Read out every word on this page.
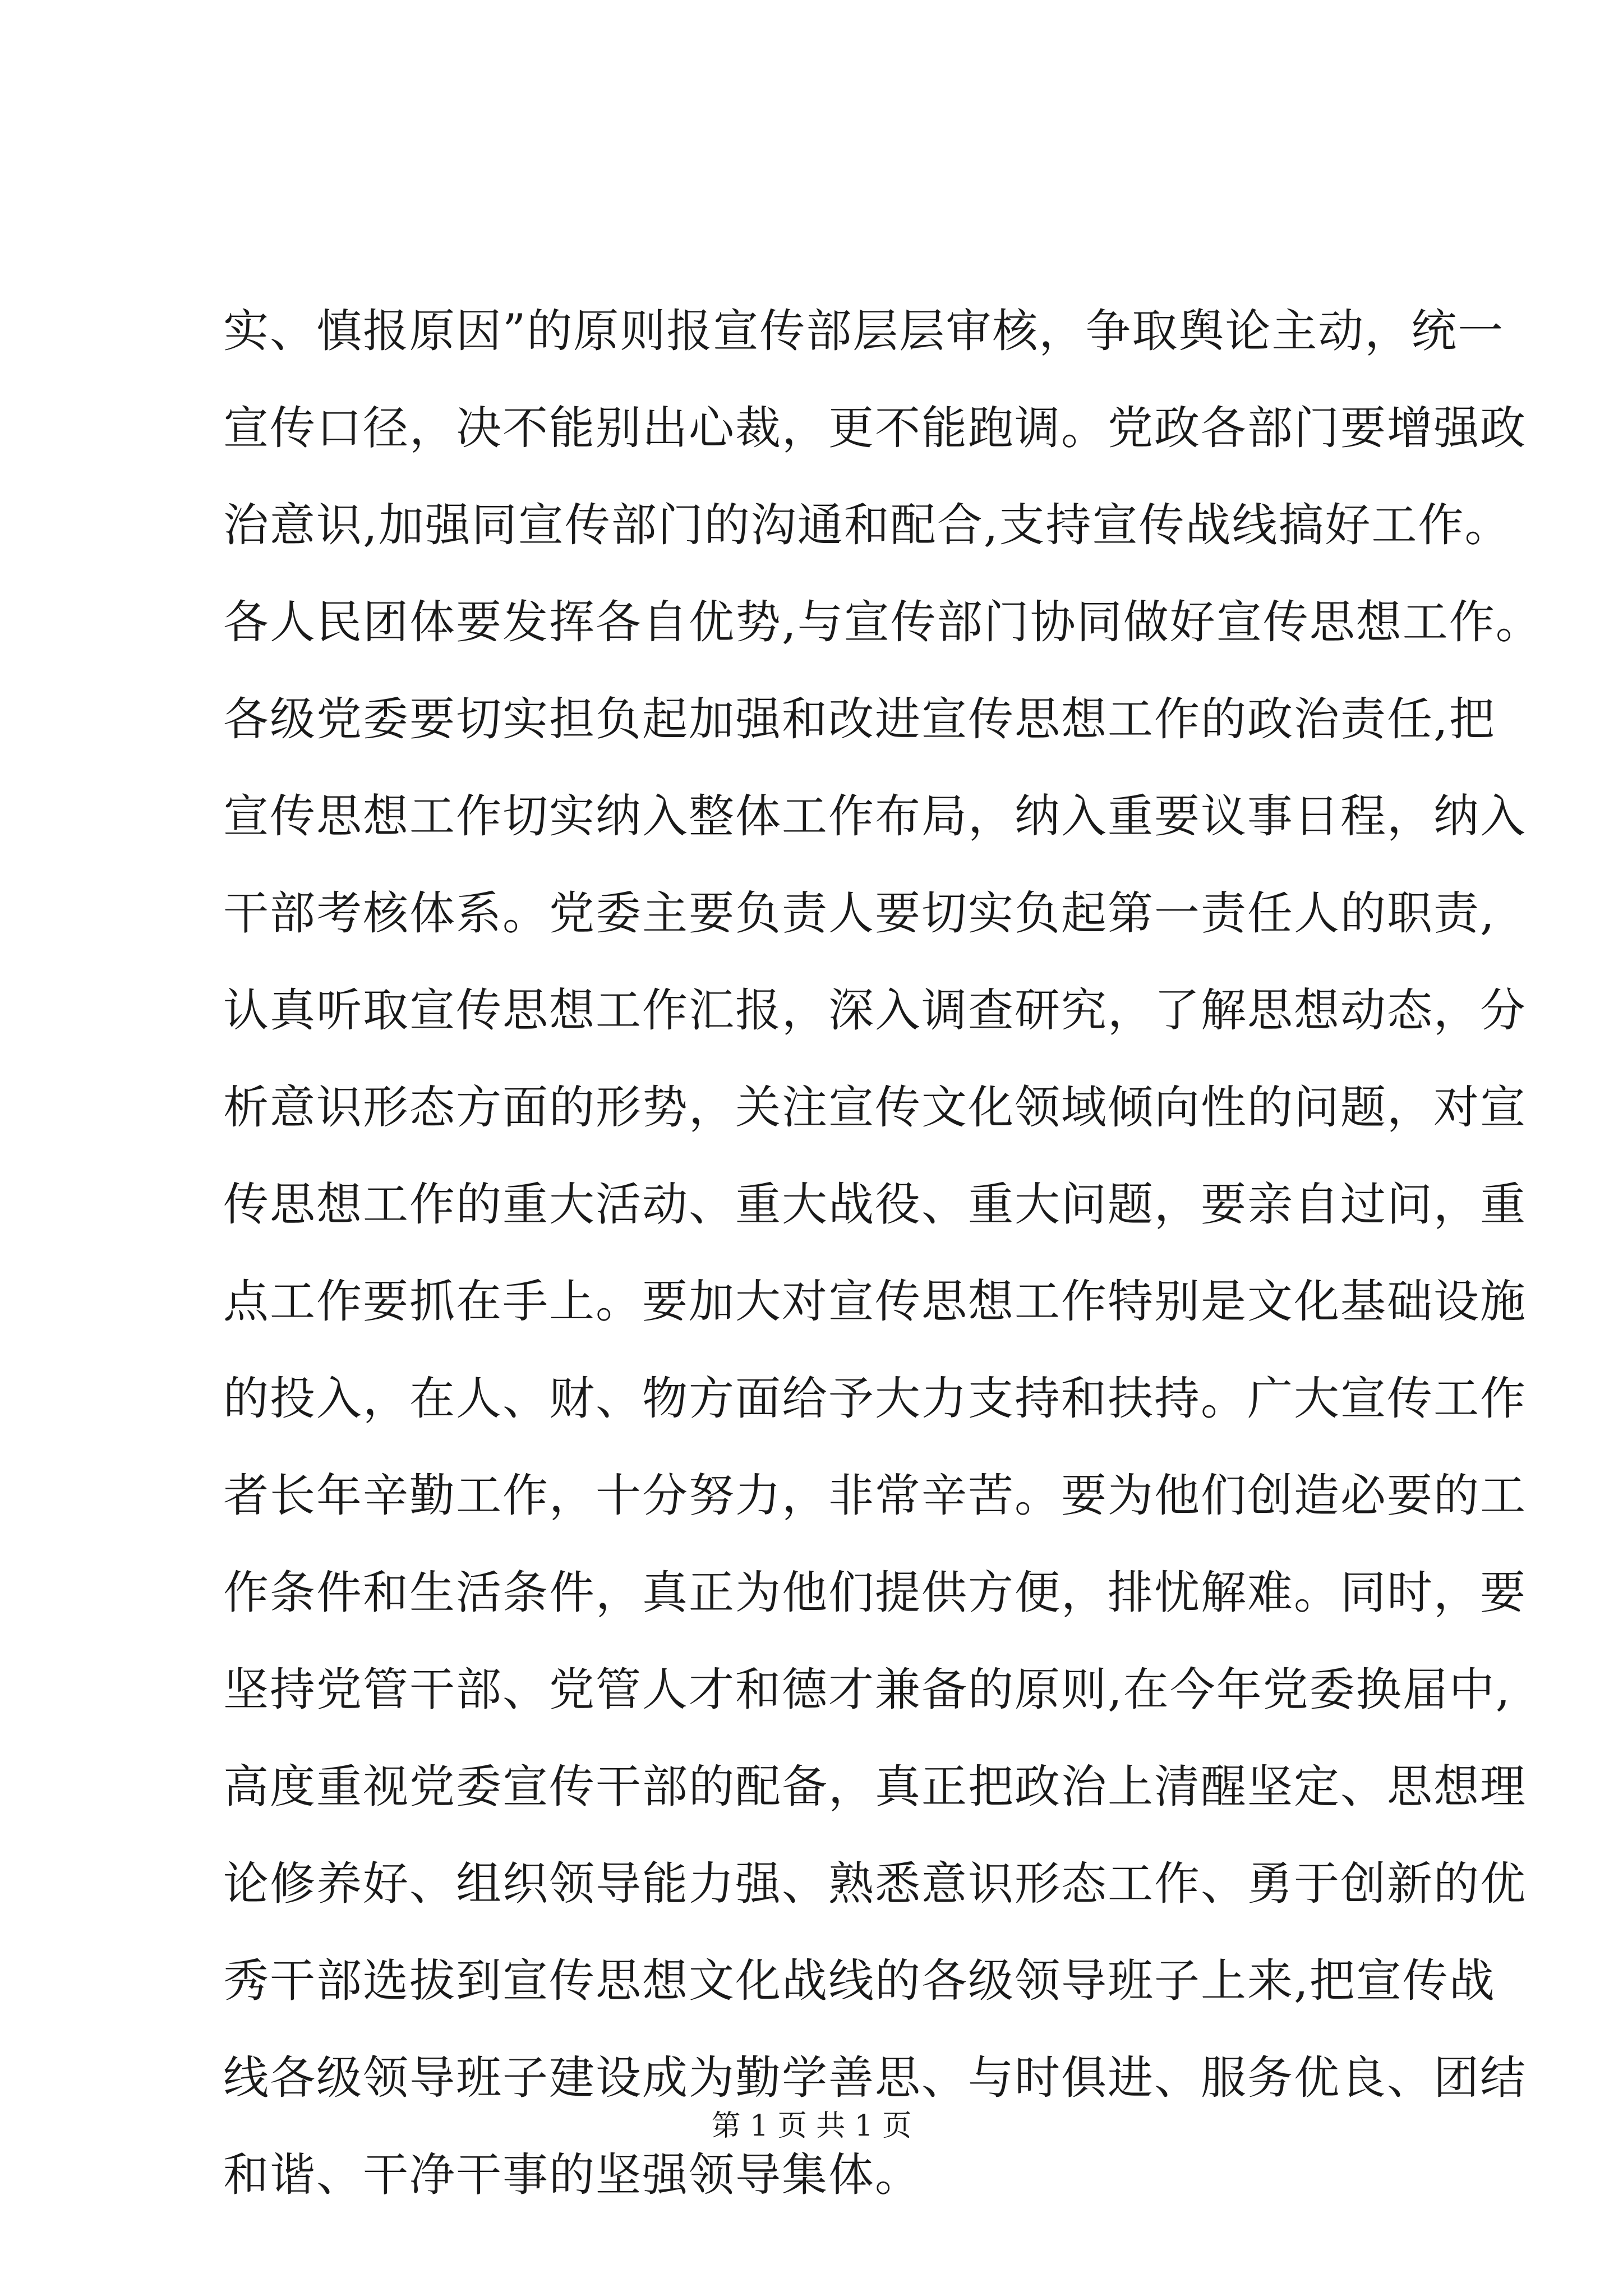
实、慎报原因”的原则报宣传部层层审核，争取舆论主动，统一
宣传口径，决不能别出心裁，更不能跑调。党政各部门要增强政
治意识,加强同宣传部门的沟通和配合,支持宣传战线搞好工作。
各人民团体要发挥各自优势,与宣传部门协同做好宣传思想工作。
各级党委要切实担负起加强和改进宣传思想工作的政治责任,把
宣传思想工作切实纳入整体工作布局，纳入重要议事日程，纳入
干部考核体系。党委主要负责人要切实负起第一责任人的职责,
认真听取宣传思想工作汇报，深入调查研究，了解思想动态，分
析意识形态方面的形势，关注宣传文化领域倾向性的问题，对宣
传思想工作的重大活动、重大战役、重大问题，要亲自过问，重
点工作要抓在手上。要加大对宣传思想工作特别是文化基础设施
的投入，在人、财、物方面给予大力支持和扶持。广大宣传工作
者长年辛勤工作，十分努力，非常辛苦。要为他们创造必要的工
作条件和生活条件，真正为他们提供方便，排忧解难。同时，要
坚持党管干部、党管人才和德才兼备的原则,在今年党委换届中,
高度重视党委宣传干部的配备，真正把政治上清醒坚定、思想理
论修养好、组织领导能力强、熟悉意识形态工作、勇于创新的优
秀干部选拔到宣传思想文化战线的各级领导班子上来,把宣传战
线各级领导班子建设成为勤学善思、与时俱进、服务优良、团结
和谐、干净干事的坚强领导集体。
第 1 页 共 1 页
